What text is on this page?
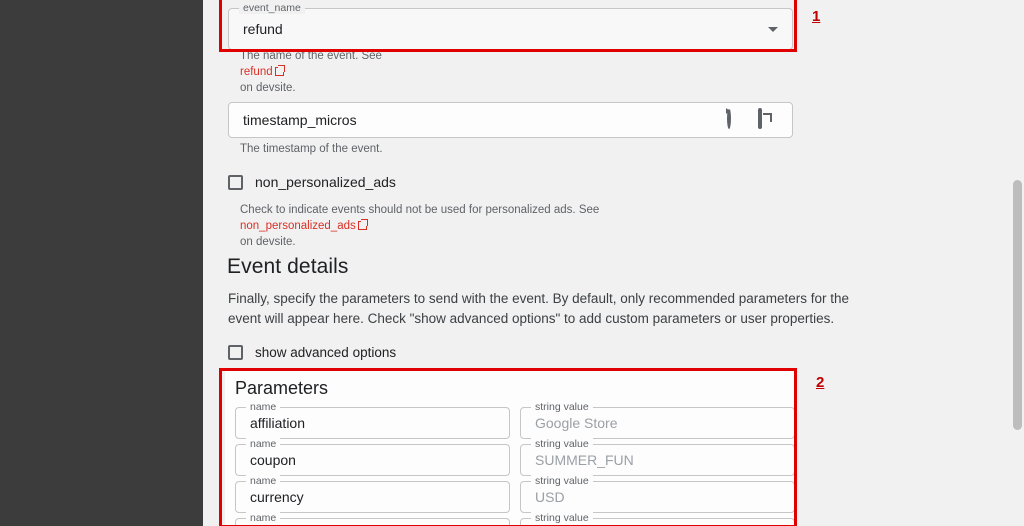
event_name
refund
The name of the event. See
refund
on devsite.
timestamp_micros
The timestamp of the event.
non_personalized_ads
Check to indicate events should not be used for personalized ads. See
non_personalized_ads
on devsite.
Event details

Finally, specify the parameters to send with the event. By default, only recommended parameters for the event will appear here. Check "show advanced options" to add custom parameters or user properties.

show advanced options
Parameters
name
affiliation
string value
Google Store
name
coupon
string value
SUMMER_FUN
name
currency
string value
USD
name	string value
1
2
